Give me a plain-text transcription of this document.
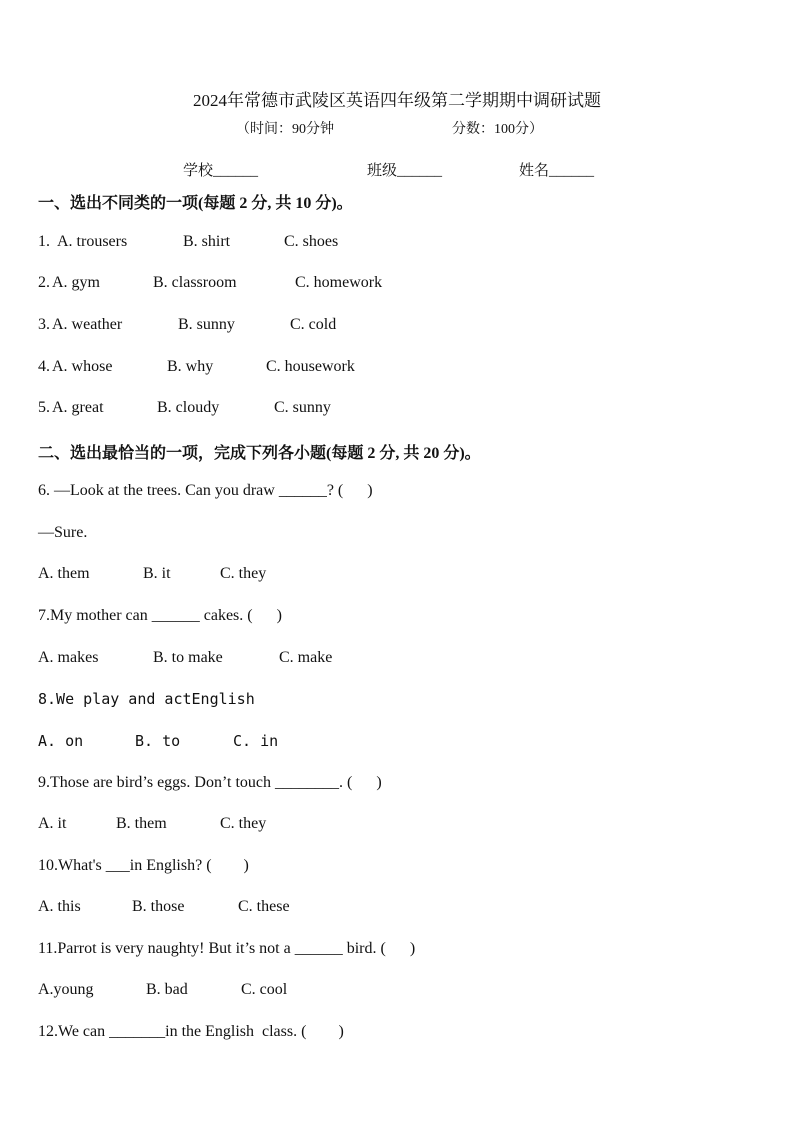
2024年常德市武陵区英语四年级第二学期期中调研试题
（时间：90分钟	分数：100分）
学校______	班级______	姓名______
一、选出不同类的一项(每题 2 分, 共 10 分)。
1. A. trousers	B. shirt	C. shoes
2. A. gym	B. classroom	C. homework
3. A. weather	B. sunny	C. cold
4. A. whose	B. why	C. housework
5. A. great	B. cloudy	C. sunny
二、选出最恰当的一项，完成下列各小题(每题 2 分, 共 20 分)。
6. —Look at the trees. Can you draw ______? (      )
—Sure.
A. them	B. it	C. they
7.My mother can ______ cakes. (      )
A. makes	B. to make	C. make
8.We play and actEnglish
A. on	B. to	C. in
9.Those are bird’s eggs. Don’t touch ________. (      )
A. it	B. them	C. they
10.What's ___in English? (        )
A. this	B. those	C. these
11.Parrot is very naughty! But it’s not a ______ bird. (      )
A.young	B. bad	C. cool
12.We can _______in the English  class. (        )
